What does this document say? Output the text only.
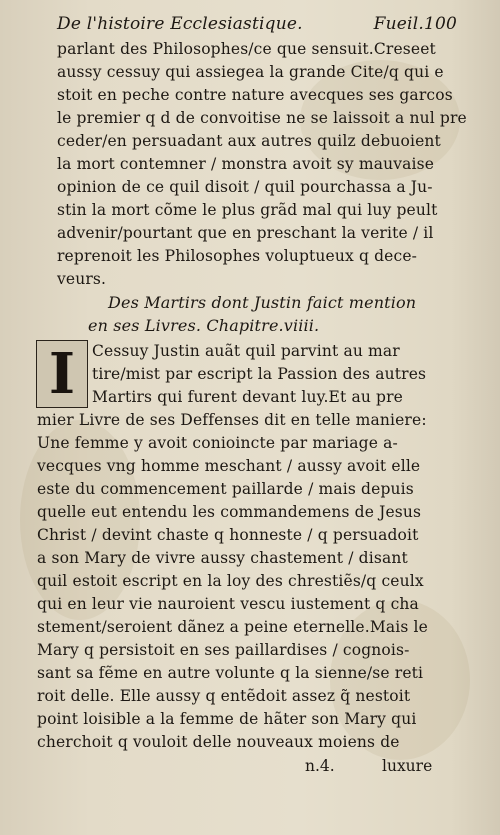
De l'histoire Ecclesiastique.	Fueil.100
parlant des Philosophes/ce que sensuit.Creseet
aussy cessuy qui assiegea la grande Cite/q qui e
stoit en peche contre nature avecques ses garcos
le premier q d de convoitise ne se laissoit a nul pre
ceder/en persuadant aux autres quilz debuoient
la mort contemner / monstra avoit sy mauvaise
opinion de ce quil disoit / quil pourchassa a Ju-
stin la mort cõme le plus grãd mal qui luy peult
advenir/pourtant que en preschant la verite / il
reprenoit les Philosophes voluptueux q dece-
veurs.
Des Martirs dont Justin faict mention
en ses Livres. Chapitre.viiii.
I	Cessuy Justin auãt quil parvint au mar
tire/mist par escript la Passion des autres
Martirs qui furent devant luy.Et au pre
mier Livre de ses Deffenses dit en telle maniere:
Une femme y avoit conioincte par mariage a-
vecques vng homme meschant / aussy avoit elle
este du commencement paillarde / mais depuis
quelle eut entendu les commandemens de Jesus
Christ / devint chaste q honneste / q persuadoit
a son Mary de vivre aussy chastement / disant
quil estoit escript en la loy des chrestiẽs/q ceulx
qui en leur vie nauroient vescu iustement q cha
stement/seroient dãnez a peine eternelle.Mais le
Mary q persistoit en ses paillardises / cognois-
sant sa fẽme en autre volunte q la sienne/se reti
roit delle. Elle aussy q entẽdoit assez q̃ nestoit
point loisible a la femme de hãter son Mary qui
cherchoit q vouloit delle nouveaux moiens de
n.4.	luxure
